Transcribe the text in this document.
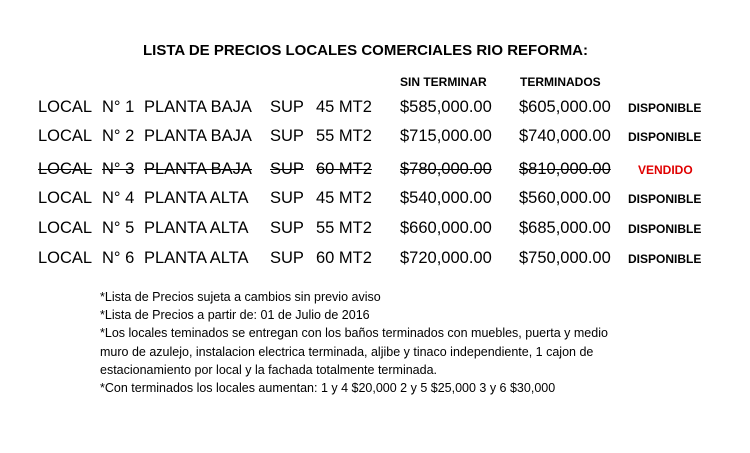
LISTA DE PRECIOS LOCALES COMERCIALES RIO REFORMA:
SIN TERMINAR	TERMINADOS
LOCAL N° 1 PLANTA BAJA SUP 45 MT2 $585,000.00 $605,000.00 DISPONIBLE
LOCAL N° 2 PLANTA BAJA SUP 55 MT2 $715,000.00 $740,000.00 DISPONIBLE
LOCAL N° 3 PLANTA BAJA SUP 60 MT2 $780,000.00 $810,000.00 VENDIDO
LOCAL N° 4 PLANTA ALTA SUP 45 MT2 $540,000.00 $560,000.00 DISPONIBLE
LOCAL N° 5 PLANTA ALTA SUP 55 MT2 $660,000.00 $685,000.00 DISPONIBLE
LOCAL N° 6 PLANTA ALTA SUP 60 MT2 $720,000.00 $750,000.00 DISPONIBLE
*Lista de Precios sujeta a cambios sin previo aviso
*Lista de Precios a partir de: 01 de Julio de 2016
*Los locales teminados se entregan con los baños terminados con muebles, puerta y medio
muro de azulejo, instalacion electrica terminada, aljibe y tinaco independiente, 1 cajon de
estacionamiento por local y la fachada totalmente terminada.
*Con terminados los locales aumentan: 1 y 4 $20,000 2 y 5 $25,000 3 y 6 $30,000
